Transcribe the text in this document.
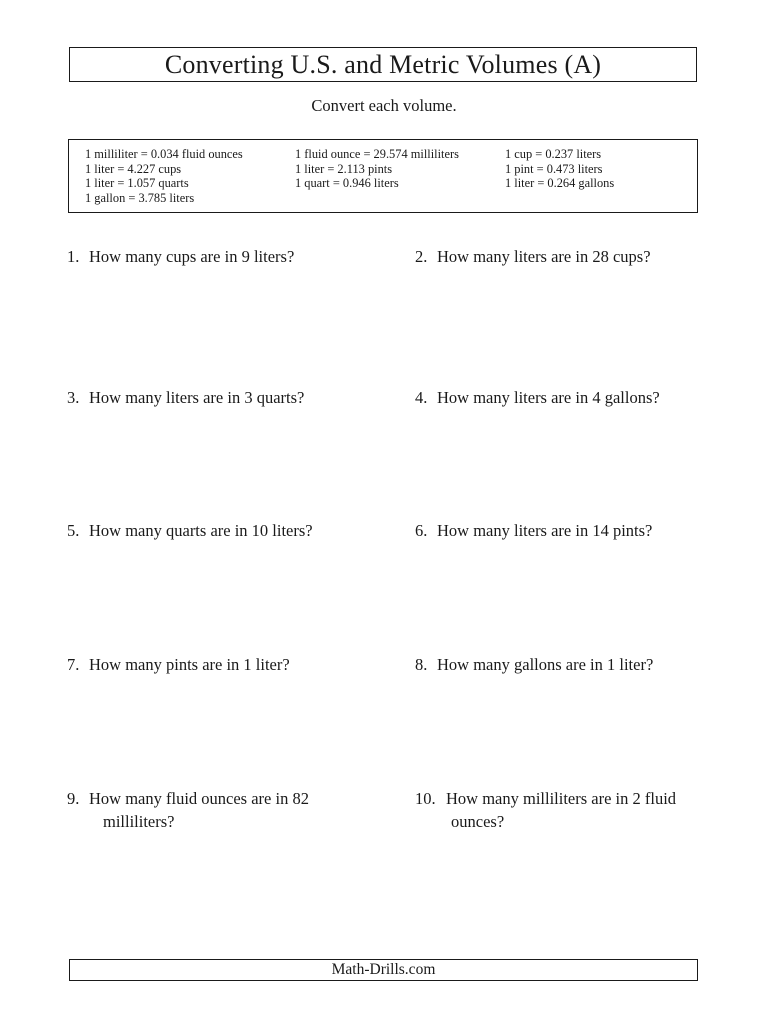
Converting U.S. and Metric Volumes (A)
Convert each volume.
1 milliliter = 0.034 fluid ounces
1 liter = 4.227 cups
1 liter = 1.057 quarts
1 gallon = 3.785 liters
1 fluid ounce = 29.574 milliliters
1 liter = 2.113 pints
1 quart = 0.946 liters
1 cup = 0.237 liters
1 pint = 0.473 liters
1 liter = 0.264 gallons
1. How many cups are in 9 liters?	2. How many liters are in 28 cups?
3. How many liters are in 3 quarts?	4. How many liters are in 4 gallons?
5. How many quarts are in 10 liters?	6. How many liters are in 14 pints?
7. How many pints are in 1 liter?	8. How many gallons are in 1 liter?
9. How many fluid ounces are in 82 milliliters?
10. How many milliliters are in 2 fluid ounces?
Math-Drills.com
